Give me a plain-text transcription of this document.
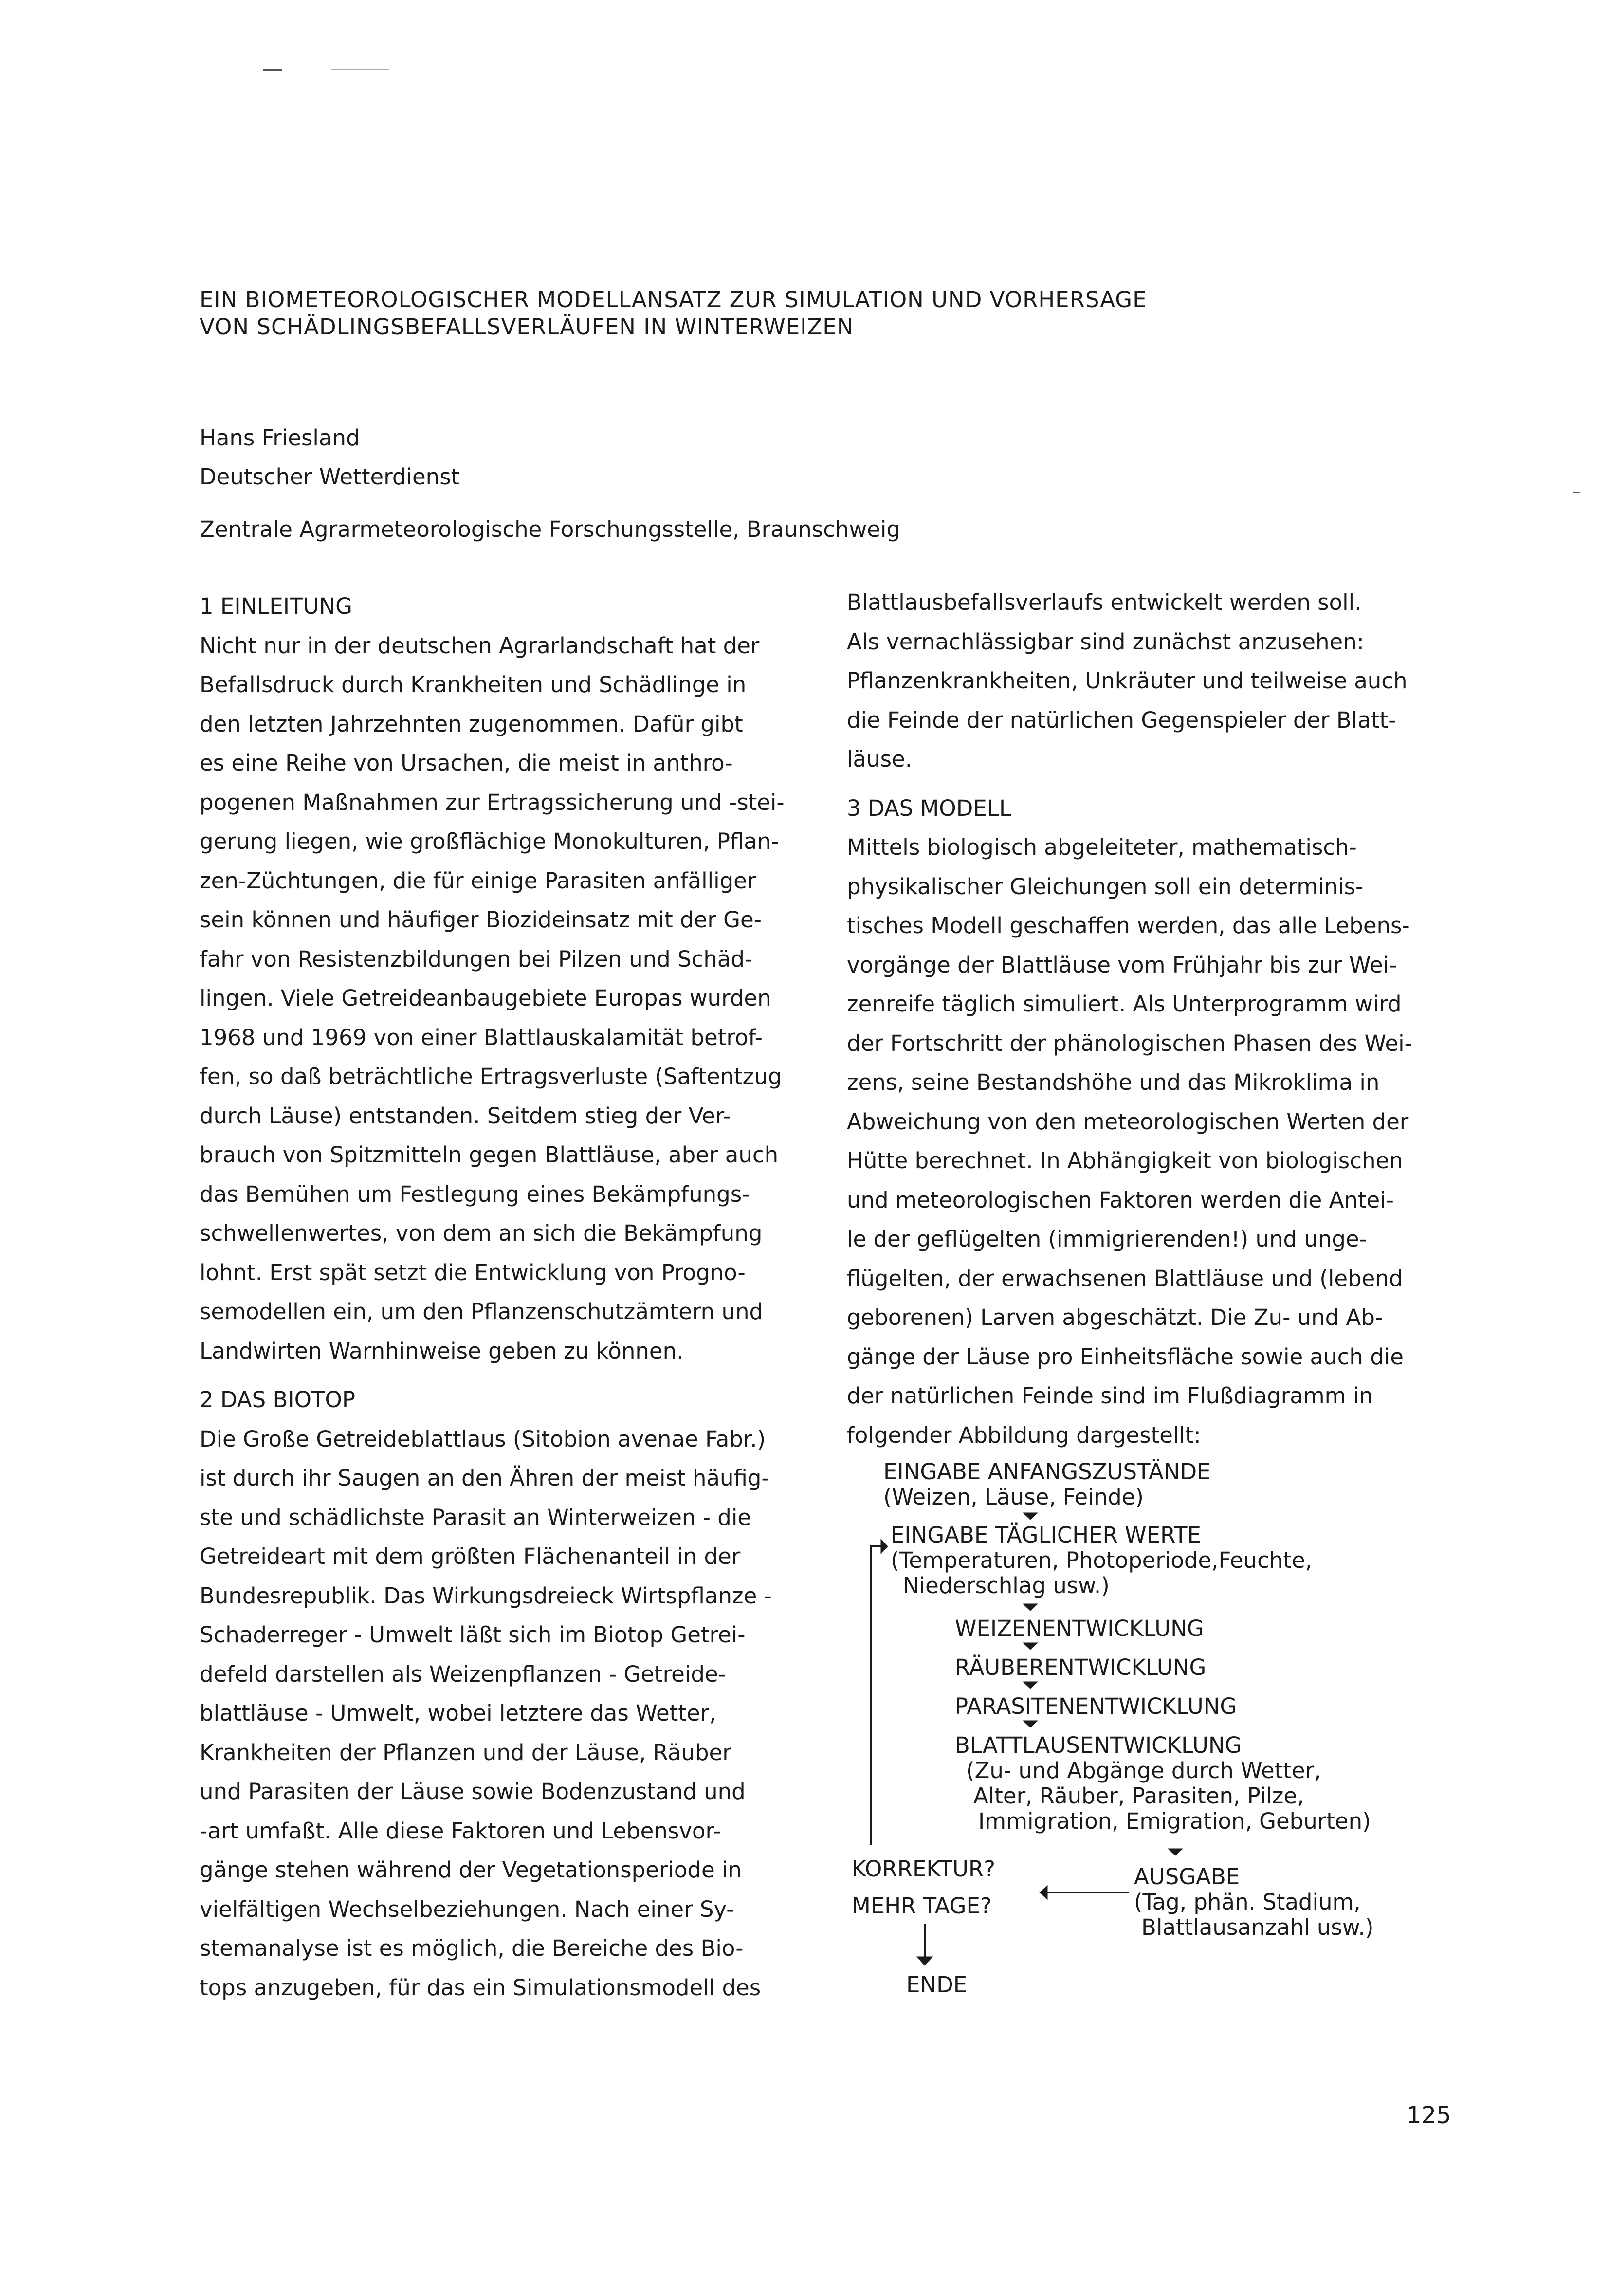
EIN BIOMETEOROLOGISCHER MODELLANSATZ ZUR SIMULATION UND VORHERSAGE
VON SCHÄDLINGSBEFALLSVERLÄUFEN IN WINTERWEIZEN
Hans Friesland
Deutscher Wetterdienst
Zentrale Agrarmeteorologische Forschungsstelle, Braunschweig
1 EINLEITUNG
Nicht nur in der deutschen Agrarlandschaft hat der
Befallsdruck durch Krankheiten und Schädlinge in
den letzten Jahrzehnten zugenommen. Dafür gibt
es eine Reihe von Ursachen, die meist in anthro-
pogenen Maßnahmen zur Ertragssicherung und -stei-
gerung liegen, wie großflächige Monokulturen, Pflan-
zen-Züchtungen, die für einige Parasiten anfälliger
sein können und häufiger Biozideinsatz mit der Ge-
fahr von Resistenzbildungen bei Pilzen und Schäd-
lingen. Viele Getreideanbaugebiete Europas wurden
1968 und 1969 von einer Blattlauskalamität betrof-
fen, so daß beträchtliche Ertragsverluste (Saftentzug
durch Läuse) entstanden. Seitdem stieg der Ver-
brauch von Spitzmitteln gegen Blattläuse, aber auch
das Bemühen um Festlegung eines Bekämpfungs-
schwellenwertes, von dem an sich die Bekämpfung
lohnt. Erst spät setzt die Entwicklung von Progno-
semodellen ein, um den Pflanzenschutzämtern und
Landwirten Warnhinweise geben zu können.
2 DAS BIOTOP
Die Große Getreideblattlaus (Sitobion avenae Fabr.)
ist durch ihr Saugen an den Ähren der meist häufig-
ste und schädlichste Parasit an Winterweizen - die
Getreideart mit dem größten Flächenanteil in der
Bundesrepublik. Das Wirkungsdreieck Wirtspflanze -
Schaderreger - Umwelt läßt sich im Biotop Getrei-
defeld darstellen als Weizenpflanzen - Getreide-
blattläuse - Umwelt, wobei letztere das Wetter,
Krankheiten der Pflanzen und der Läuse, Räuber
und Parasiten der Läuse sowie Bodenzustand und
-art umfaßt. Alle diese Faktoren und Lebensvor-
gänge stehen während der Vegetationsperiode in
vielfältigen Wechselbeziehungen. Nach einer Sy-
stemanalyse ist es möglich, die Bereiche des Bio-
tops anzugeben, für das ein Simulationsmodell des
Blattlausbefallsverlaufs entwickelt werden soll.
Als vernachlässigbar sind zunächst anzusehen:
Pflanzenkrankheiten, Unkräuter und teilweise auch
die Feinde der natürlichen Gegenspieler der Blatt-
läuse.
3 DAS MODELL
Mittels biologisch abgeleiteter, mathematisch-
physikalischer Gleichungen soll ein determinis-
tisches Modell geschaffen werden, das alle Lebens-
vorgänge der Blattläuse vom Frühjahr bis zur Wei-
zenreife täglich simuliert. Als Unterprogramm wird
der Fortschritt der phänologischen Phasen des Wei-
zens, seine Bestandshöhe und das Mikroklima in
Abweichung von den meteorologischen Werten der
Hütte berechnet. In Abhängigkeit von biologischen
und meteorologischen Faktoren werden die Antei-
le der geflügelten (immigrierenden!) und unge-
flügelten, der erwachsenen Blattläuse und (lebend
geborenen) Larven abgeschätzt. Die Zu- und Ab-
gänge der Läuse pro Einheitsfläche sowie auch die
der natürlichen Feinde sind im Flußdiagramm in
folgender Abbildung dargestellt:
EINGABE ANFANGSZUSTÄNDE
(Weizen, Läuse, Feinde)
EINGABE TÄGLICHER WERTE
(Temperaturen, Photoperiode,Feuchte,
Niederschlag usw.)
WEIZENENTWICKLUNG
RÄUBERENTWICKLUNG
PARASITENENTWICKLUNG
BLATTLAUSENTWICKLUNG
(Zu- und Abgänge durch Wetter,
Alter, Räuber, Parasiten, Pilze,
Immigration, Emigration, Geburten)
AUSGABE
(Tag, phän. Stadium,
Blattlausanzahl usw.)
KORREKTUR?
MEHR TAGE?
ENDE
125
